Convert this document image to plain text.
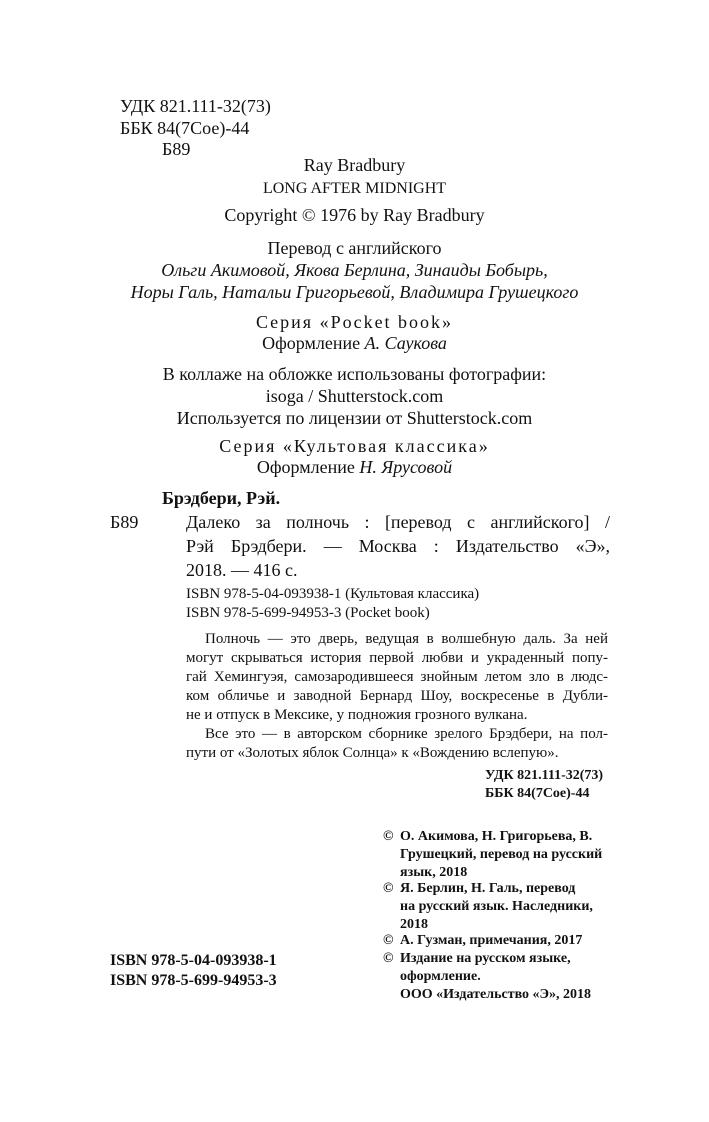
УДК 821.111-32(73)
ББК 84(7Сое)-44
Б89
Ray Bradbury
LONG AFTER MIDNIGHT
Copyright © 1976 by Ray Bradbury
Перевод с английского
Ольги Акимовой, Якова Берлина, Зинаиды Бобырь,
Норы Галь, Натальи Григорьевой, Владимира Грушецкого
Серия «Pocket book»
Оформление А. Саукова
В коллаже на обложке использованы фотографии:
isoga / Shutterstock.com
Используется по лицензии от Shutterstock.com
Серия «Культовая классика»
Оформление Н. Ярусовой
Брэдбери, Рэй.
Б89	Далеко за полночь : [перевод с английского] /
Рэй Брэдбери. — Москва : Издательство «Э»,
2018. — 416 с.
ISBN 978-5-04-093938-1 (Культовая классика)
ISBN 978-5-699-94953-3 (Pocket book)
Полночь — это дверь, ведущая в волшебную даль. За ней
могут скрываться история первой любви и украденный попу-
гай Хемингуэя, самозародившееся знойным летом зло в людс-
ком обличье и заводной Бернард Шоу, воскресенье в Дубли-
не и отпуск в Мексике, у подножия грозного вулкана.
Все это — в авторском сборнике зрелого Брэдбери, на пол-
пути от «Золотых яблок Солнца» к «Вождению вслепую».
УДК 821.111-32(73)
ББК 84(7Сое)-44
© О. Акимова, Н. Григорьева, В.
Грушецкий, перевод на русский
язык, 2018
© Я. Берлин, Н. Галь, перевод
на русский язык. Наследники,
2018
© А. Гузман, примечания, 2017
© Издание на русском языке,
оформление.
ООО «Издательство «Э», 2018
ISBN 978-5-04-093938-1
ISBN 978-5-699-94953-3
